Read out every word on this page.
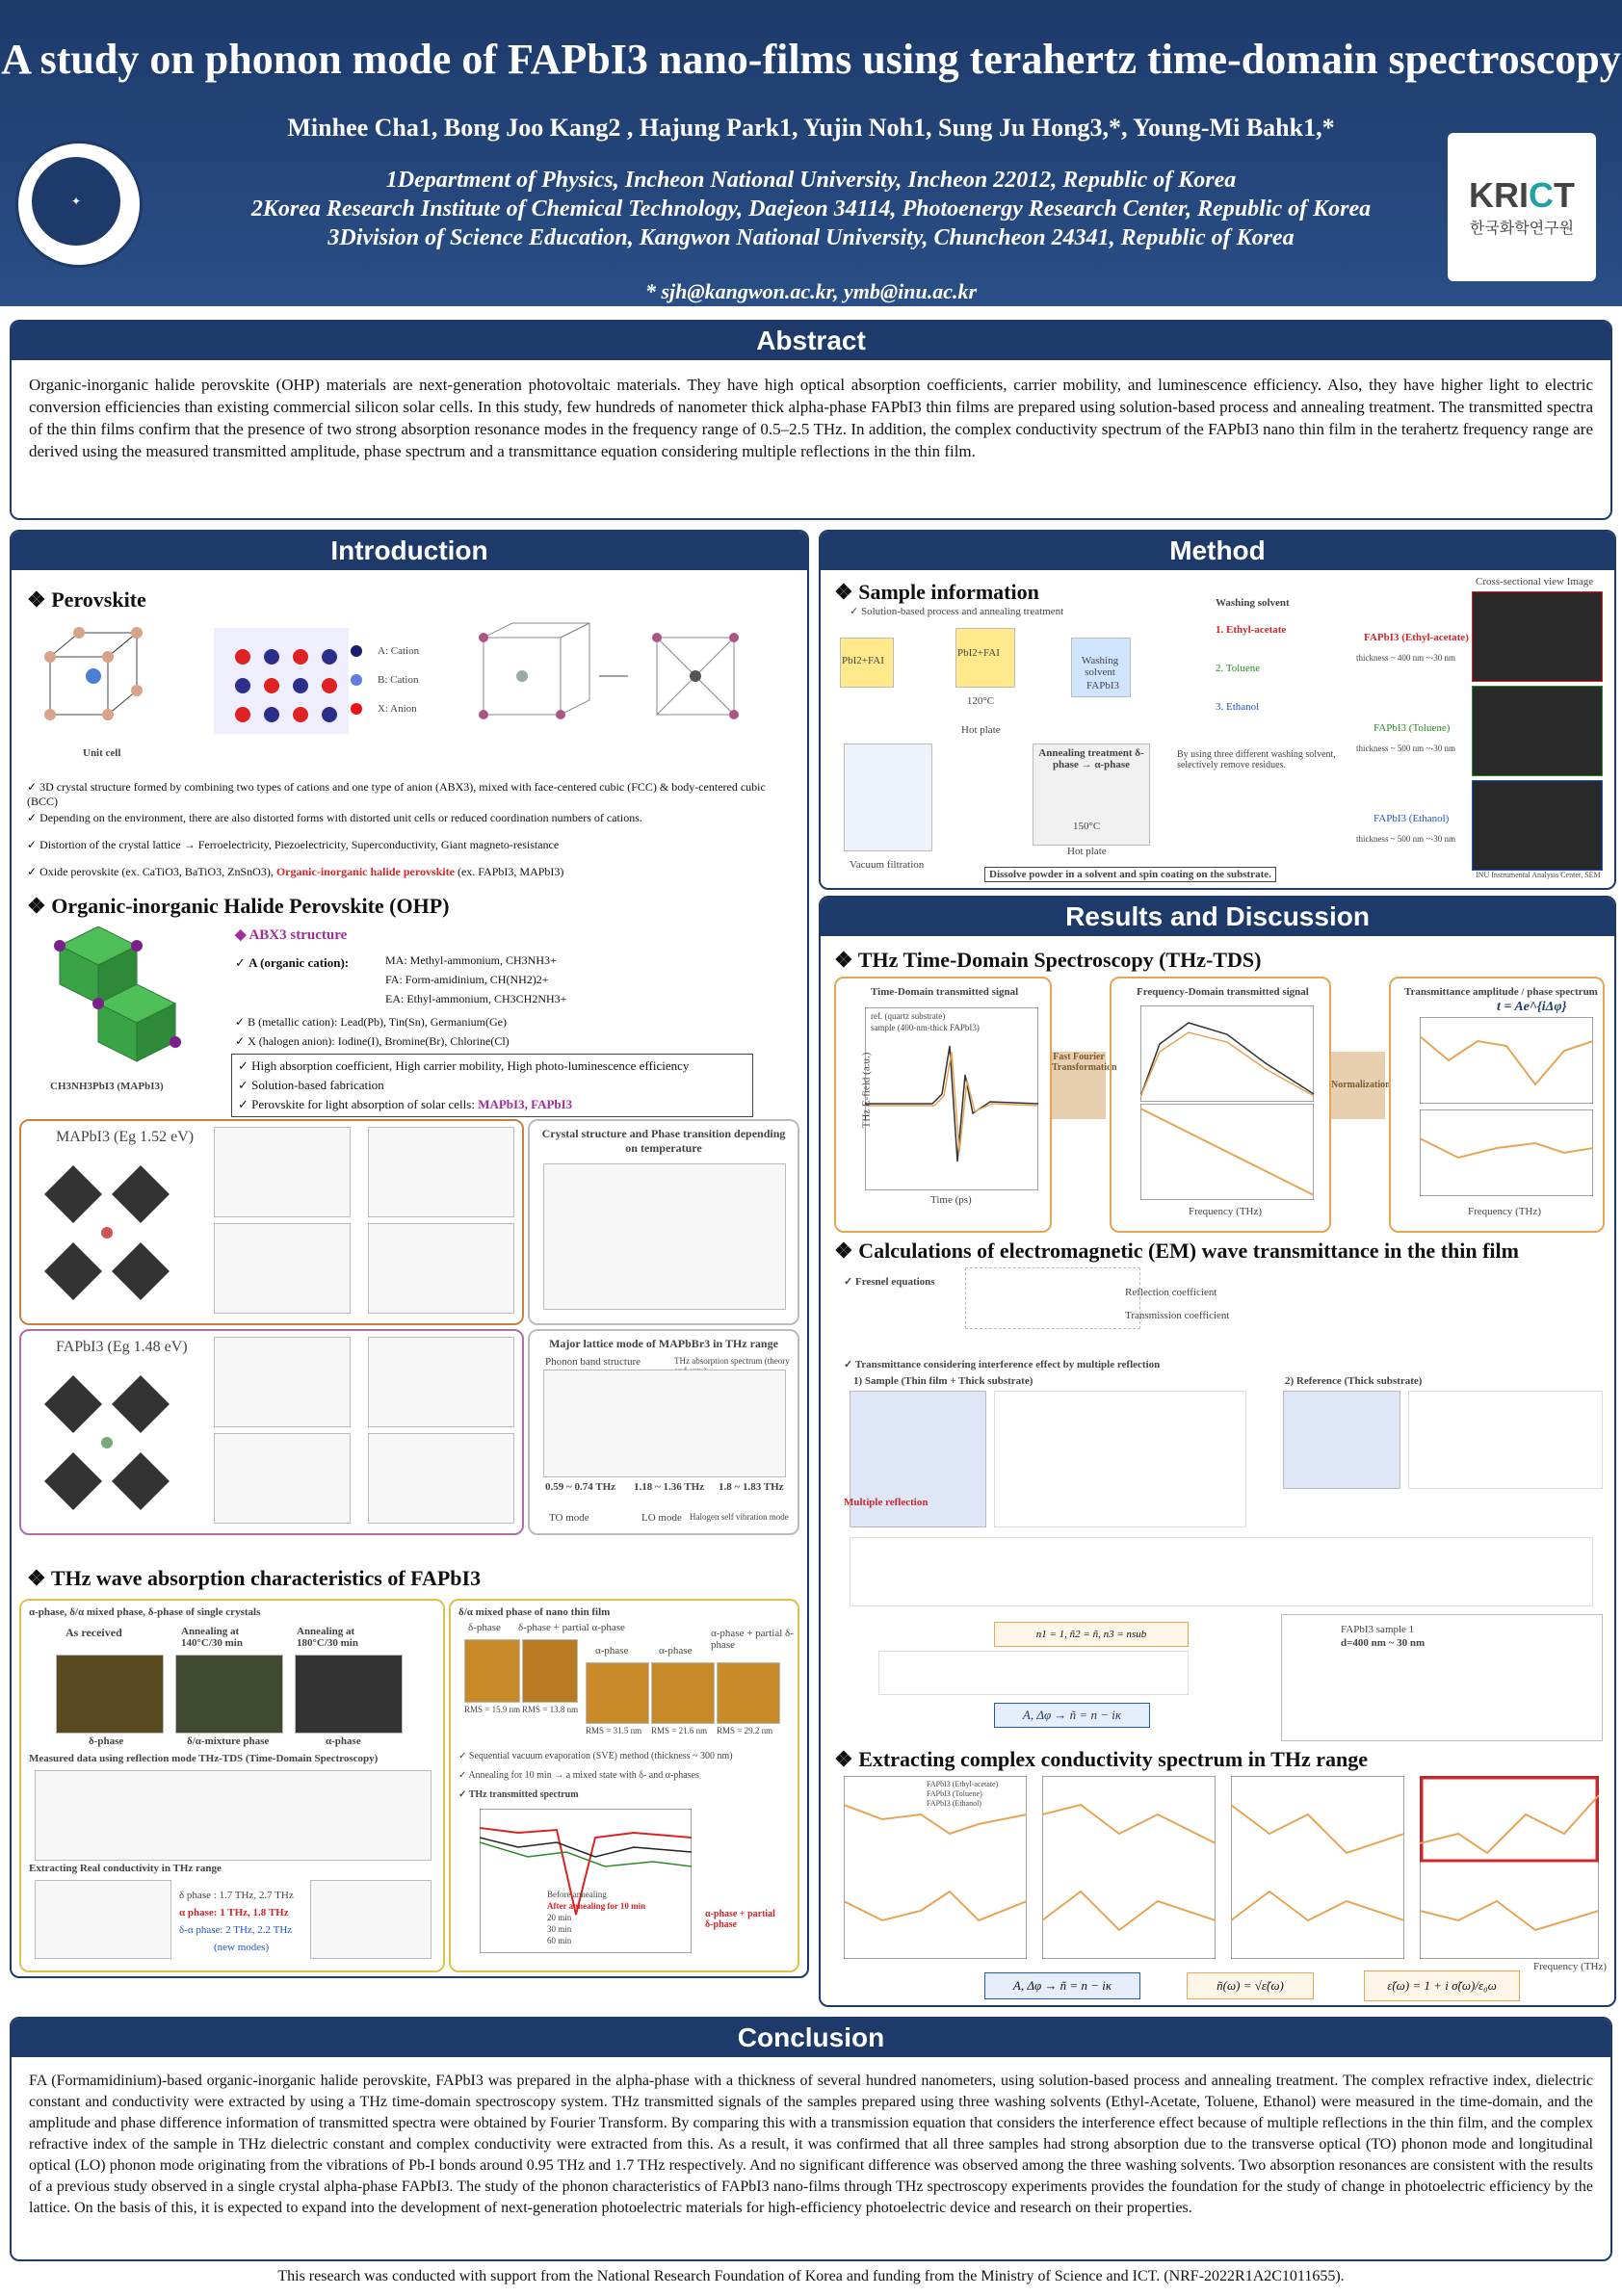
A study on phonon mode of FAPbI3 nano-films using terahertz time-domain spectroscopy
Minhee Cha1, Bong Joo Kang2 , Hajung Park1, Yujin Noh1, Sung Ju Hong3,*, Young-Mi Bahk1,*
1Department of Physics, Incheon National University, Incheon 22012, Republic of Korea
2Korea Research Institute of Chemical Technology, Daejeon 34114, Photoenergy Research Center, Republic of Korea
3Division of Science Education, Kangwon National University, Chuncheon 24341, Republic of Korea
* sjh@kangwon.ac.kr, ymb@inu.ac.kr
✦	KRICT
한국화학연구원
Abstract
Organic-inorganic halide perovskite (OHP) materials are next-generation photovoltaic materials. They have high optical absorption coefficients, carrier mobility, and luminescence efficiency. Also, they have higher light to electric conversion efficiencies than existing commercial silicon solar cells. In this study, few hundreds of nanometer thick alpha-phase FAPbI3 thin films are prepared using solution-based process and annealing treatment. The transmitted spectra of the thin films confirm that the presence of two strong absorption resonance modes in the frequency range of 0.5–2.5 THz. In addition, the complex conductivity spectrum of the FAPbI3 nano thin film in the terahertz frequency range are derived using the measured transmitted amplitude, phase spectrum and a transmittance equation considering multiple reflections in the thin film.
Introduction
❖ Perovskite
Unit cell
A: Cation
B: Cation
X: Anion
✓ 3D crystal structure formed by combining two types of cations and one type of anion (ABX3), mixed with face-centered cubic (FCC) & body-centered cubic (BCC)
✓ Depending on the environment, there are also distorted forms with distorted unit cells or reduced coordination numbers of cations.
✓ Distortion of the crystal lattice → Ferroelectricity, Piezoelectricity, Superconductivity, Giant magneto-resistance
✓ Oxide perovskite (ex. CaTiO3, BaTiO3, ZnSnO3), Organic-inorganic halide perovskite (ex. FAPbI3, MAPbI3)
❖ Organic-inorganic Halide Perovskite (OHP)
CH3NH3PbI3 (MAPbI3)
◆ ABX3 structure
✓ A (organic cation):	MA: Methyl-ammonium, CH3NH3+
FA: Form-amidinium, CH(NH2)2+
EA: Ethyl-ammonium, CH3CH2NH3+
✓ B (metallic cation): Lead(Pb), Tin(Sn), Germanium(Ge)
✓ X (halogen anion): Iodine(I), Bromine(Br), Chlorine(Cl)
✓ High absorption coefficient, High carrier mobility, High photo-luminescence efficiency
✓ Solution-based fabrication
✓ Perovskite for light absorption of solar cells: MAPbI3, FAPbI3
MAPbI3 (Eg 1.52 eV)
FAPbI3 (Eg 1.48 eV)
Crystal structure and Phase transition depending on temperature
Major lattice mode of MAPbBr3 in THz range
Phonon band structure	THz absorption spectrum (theory
0.59 ~ 0.74 THz 1.18 ~ 1.36 THz 1.8 ~ 1.83 THz
TO mode	LO mode Halogen self vibration mode
❖ THz wave absorption characteristics of FAPbI3
α-phase, δ/α mixed phase, δ-phase of single crystals
As received	Annealing at 140°C/30 min
Annealing at 180°C/30 min
δ-phase	δ/α-mixture phase	α-phase
Measured data using reflection mode THz-TDS (Time-Domain Spectroscopy)
Extracting Real conductivity in THz range
δ phase : 1.7 THz, 2.7 THz
α phase: 1 THz, 1.8 THz
δ-α phase: 2 THz, 2.2 THz
(new modes)
δ/α mixed phase of nano thin film
δ-phase δ-phase + partial α-phase
α-phase	α-phase
α-phase + partial δ-phase
RMS = 15.9 nm RMS = 13.8 nm
RMS = 31.5 nm RMS = 21.6 nm RMS = 29.2 nm
✓ Sequential vacuum evaporation (SVE) method (thickness ~ 300 nm)
✓ Annealing for 10 min → a mixed state with δ- and α-phases
✓ THz transmitted spectrum
Before annealing
After annealing for 10 min
20 min
30 min
60 min
α-phase + partial δ-phase
Method
❖ Sample information
✓ Solution-based process and annealing treatment
PbI2+FAI
PbI2+FAI
120°C
Hot plate
Washing solvent
FAPbI3
Washing solvent
1. Ethyl-acetate
2. Toluene
3. Ethanol
By using three different washing solvent, selectively remove residues.
Vacuum filtration
Annealing treatment δ-phase → α-phase
150°C
Hot plate
Dissolve powder in a solvent and spin coating on the substrate.
Cross-sectional view Image
FAPbI3 (Ethyl-acetate)
thickness ~ 400 nm ~-30 nm
FAPbI3 (Toluene)
thickness ~ 500 nm ~-30 nm
FAPbI3 (Ethanol)
thickness ~ 500 nm ~-30 nm
INU Instrumental Analysis Center, SEM
Results and Discussion
❖ THz Time-Domain Spectroscopy (THz-TDS)
Time-Domain transmitted signal
ref. (quartz substrate)
sample (400-nm-thick FAPbI3)
Time (ps)
THz E-field (a.u.)	Fast Fourier Transformation
Frequency-Domain transmitted signal
Frequency (THz)
Normalization
Transmittance amplitude / phase spectrum
t = Ae^{iΔφ}
Frequency (THz)
❖ Calculations of electromagnetic (EM) wave transmittance in the thin film
✓ Fresnel equations
Reflection coefficient
Transmission coefficient
✓ Transmittance considering interference effect by multiple reflection
1) Sample (Thin film + Thick substrate)	2) Reference (Thick substrate)
Multiple reflection
n1 = 1, ñ2 = ñ, n3 = nsub
A, Δφ → ñ = n − iκ
FAPbI3 sample 1
d=400 nm ~ 30 nm
❖ Extracting complex conductivity spectrum in THz range
FAPbI3 (Ethyl-acetate)
FAPbI3 (Toluene)
FAPbI3 (Ethanol)
Frequency (THz)
A, Δφ → ñ = n − iκ	ñ(ω) = √ε̃(ω)	ε̃(ω) = 1 + i σ̃(ω)/ε₀ω
Conclusion
FA (Formamidinium)-based organic-inorganic halide perovskite, FAPbI3 was prepared in the alpha-phase with a thickness of several hundred nanometers, using solution-based process and annealing treatment. The complex refractive index, dielectric constant and conductivity were extracted by using a THz time-domain spectroscopy system. THz transmitted signals of the samples prepared using three washing solvents (Ethyl-Acetate, Toluene, Ethanol) were measured in the time-domain, and the amplitude and phase difference information of transmitted spectra were obtained by Fourier Transform. By comparing this with a transmission equation that considers the interference effect because of multiple reflections in the thin film, and the complex refractive index of the sample in THz dielectric constant and complex conductivity were extracted from this. As a result, it was confirmed that all three samples had strong absorption due to the transverse optical (TO) phonon mode and longitudinal optical (LO) phonon mode originating from the vibrations of Pb-I bonds around 0.95 THz and 1.7 THz respectively. And no significant difference was observed among the three washing solvents. Two absorption resonances are consistent with the results of a previous study observed in a single crystal alpha-phase FAPbI3. The study of the phonon characteristics of FAPbI3 nano-films through THz spectroscopy experiments provides the foundation for the study of change in photoelectric efficiency by the lattice. On the basis of this, it is expected to expand into the development of next-generation photoelectric materials for high-efficiency photoelectric device and research on their properties.
This research was conducted with support from the National Research Foundation of Korea and funding from the Ministry of Science and ICT. (NRF-2022R1A2C1011655).
